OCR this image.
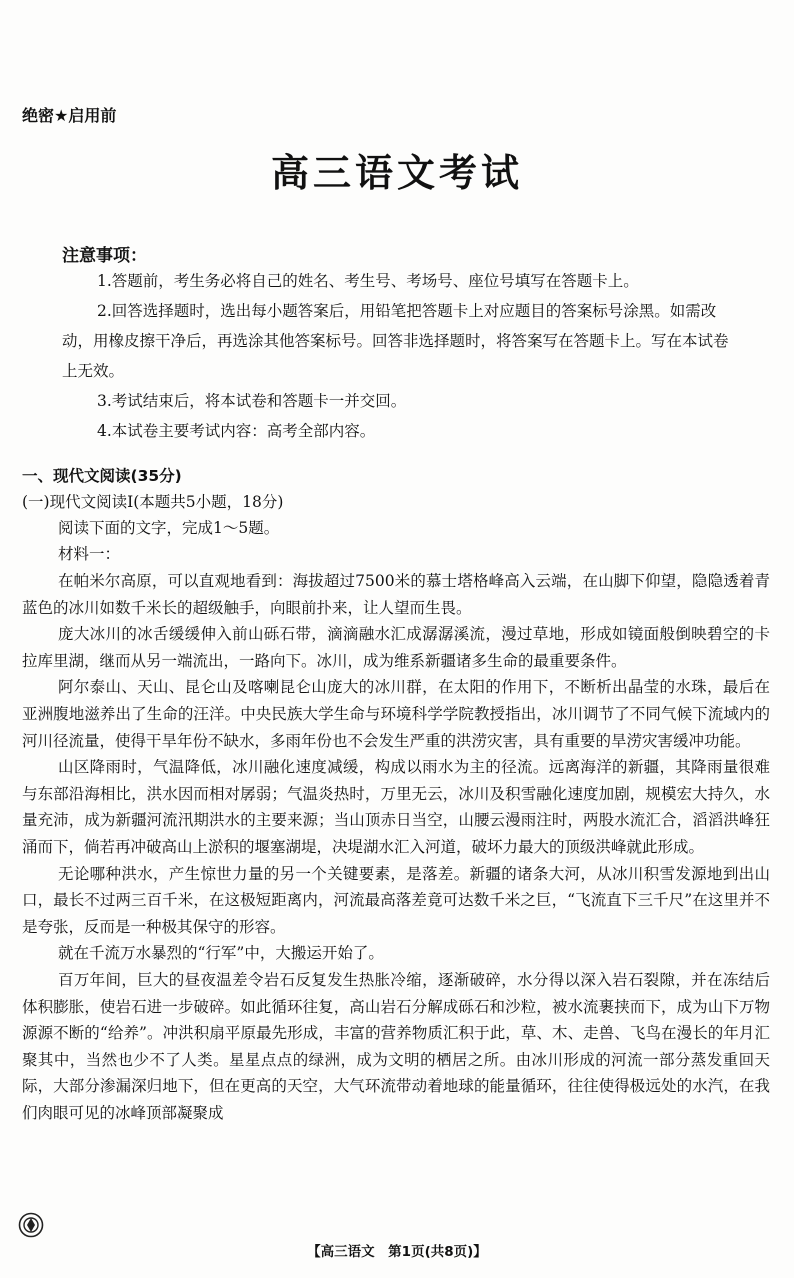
绝密★启用前
高三语文考试
注意事项：

1.答题前，考生务必将自己的姓名、考生号、考场号、座位号填写在答题卡上。

2.回答选择题时，选出每小题答案后，用铅笔把答题卡上对应题目的答案标号涂黑。如需改动，用橡皮擦干净后，再选涂其他答案标号。回答非选择题时，将答案写在答题卡上。写在本试卷上无效。

3.考试结束后，将本试卷和答题卡一并交回。

4.本试卷主要考试内容：高考全部内容。

一、现代文阅读(35分)
(一)现代文阅读Ⅰ(本题共5小题，18分)
阅读下面的文字，完成1～5题。
材料一：

在帕米尔高原，可以直观地看到：海拔超过7500米的慕士塔格峰高入云端，在山脚下仰望，隐隐透着青蓝色的冰川如数千米长的超级触手，向眼前扑来，让人望而生畏。

庞大冰川的冰舌缓缓伸入前山砾石带，滴滴融水汇成潺潺溪流，漫过草地，形成如镜面般倒映碧空的卡拉库里湖，继而从另一端流出，一路向下。冰川，成为维系新疆诸多生命的最重要条件。

阿尔泰山、天山、昆仑山及喀喇昆仑山庞大的冰川群，在太阳的作用下，不断析出晶莹的水珠，最后在亚洲腹地滋养出了生命的汪洋。中央民族大学生命与环境科学学院教授指出，冰川调节了不同气候下流域内的河川径流量，使得干旱年份不缺水，多雨年份也不会发生严重的洪涝灾害，具有重要的旱涝灾害缓冲功能。

山区降雨时，气温降低，冰川融化速度减缓，构成以雨水为主的径流。远离海洋的新疆，其降雨量很难与东部沿海相比，洪水因而相对孱弱；气温炎热时，万里无云，冰川及积雪融化速度加剧，规模宏大持久，水量充沛，成为新疆河流汛期洪水的主要来源；当山顶赤日当空，山腰云漫雨注时，两股水流汇合，滔滔洪峰狂涌而下，倘若再冲破高山上淤积的堰塞湖堤，决堤湖水汇入河道，破坏力最大的顶级洪峰就此形成。

无论哪种洪水，产生惊世力量的另一个关键要素，是落差。新疆的诸条大河，从冰川积雪发源地到出山口，最长不过两三百千米，在这极短距离内，河流最高落差竟可达数千米之巨，“飞流直下三千尺”在这里并不是夸张，反而是一种极其保守的形容。

就在千流万水暴烈的“行军”中，大搬运开始了。

百万年间，巨大的昼夜温差令岩石反复发生热胀冷缩，逐渐破碎，水分得以深入岩石裂隙，并在冻结后体积膨胀，使岩石进一步破碎。如此循环往复，高山岩石分解成砾石和沙粒，被水流裹挟而下，成为山下万物源源不断的“给养”。冲洪积扇平原最先形成，丰富的营养物质汇积于此，草、木、走兽、飞鸟在漫长的年月汇聚其中，当然也少不了人类。星星点点的绿洲，成为文明的栖居之所。由冰川形成的河流一部分蒸发重回天际，大部分渗漏深归地下，但在更高的天空，大气环流带动着地球的能量循环，往往使得极远处的水汽，在我们肉眼可见的冰峰顶部凝聚成

【高三语文　第1页(共8页)】
